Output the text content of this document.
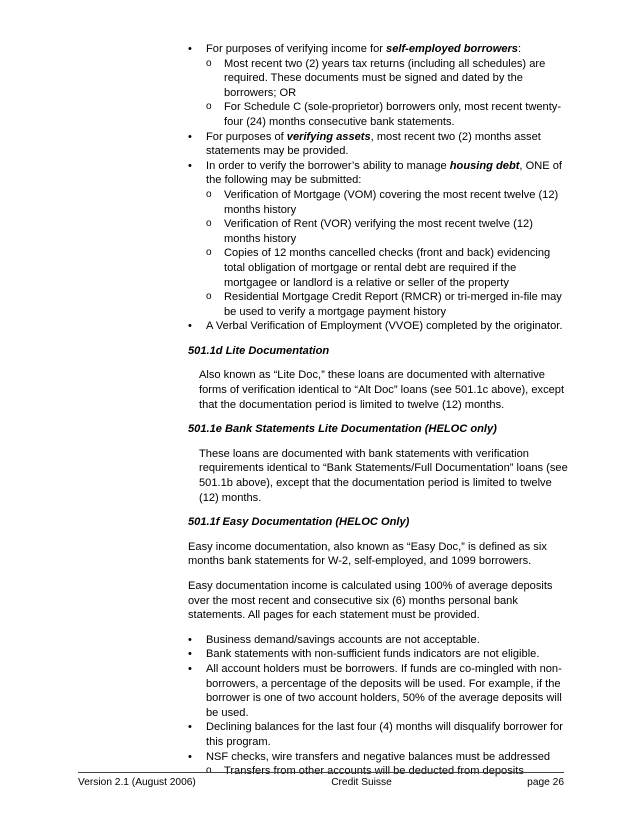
•	For purposes of verifying income for self-employed borrowers:
o Most recent two (2) years tax returns (including all schedules) are required. These documents must be signed and dated by the borrowers; OR
o For Schedule C (sole-proprietor) borrowers only, most recent twenty-four (24) months consecutive bank statements.
•	For purposes of verifying assets, most recent two (2) months asset statements may be provided.
•	In order to verify the borrower’s ability to manage housing debt, ONE of the following may be submitted:
o Verification of Mortgage (VOM) covering the most recent twelve (12) months history
o Verification of Rent (VOR) verifying the most recent twelve (12) months history
o Copies of 12 months cancelled checks (front and back) evidencing total obligation of mortgage or rental debt are required if the mortgagee or landlord is a relative or seller of the property
o Residential Mortgage Credit Report (RMCR) or tri-merged in-file may be used to verify a mortgage payment history
•	A Verbal Verification of Employment (VVOE) completed by the originator.
501.1d Lite Documentation
Also known as “Lite Doc,” these loans are documented with alternative forms of verification identical to “Alt Doc” loans (see 501.1c above), except that the documentation period is limited to twelve (12) months.
501.1e Bank Statements Lite Documentation (HELOC only)
These loans are documented with bank statements with verification requirements identical to “Bank Statements/Full Documentation” loans (see 501.1b above), except that the documentation period is limited to twelve (12) months.
501.1f Easy Documentation (HELOC Only)
Easy income documentation, also known as “Easy Doc,” is defined as six months bank statements for W-2, self-employed, and 1099 borrowers.
Easy documentation income is calculated using 100% of average deposits over the most recent and consecutive six (6) months personal bank statements. All pages for each statement must be provided.
•	Business demand/savings accounts are not acceptable.
•	Bank statements with non-sufficient funds indicators are not eligible.
•	All account holders must be borrowers. If funds are co-mingled with non-borrowers, a percentage of the deposits will be used. For example, if the borrower is one of two account holders, 50% of the average deposits will be used.
•	Declining balances for the last four (4) months will disqualify borrower for this program.
•	NSF checks, wire transfers and negative balances must be addressed
o Transfers from other accounts will be deducted from deposits
Version 2.1 (August 2006)	Credit Suisse	page 26
